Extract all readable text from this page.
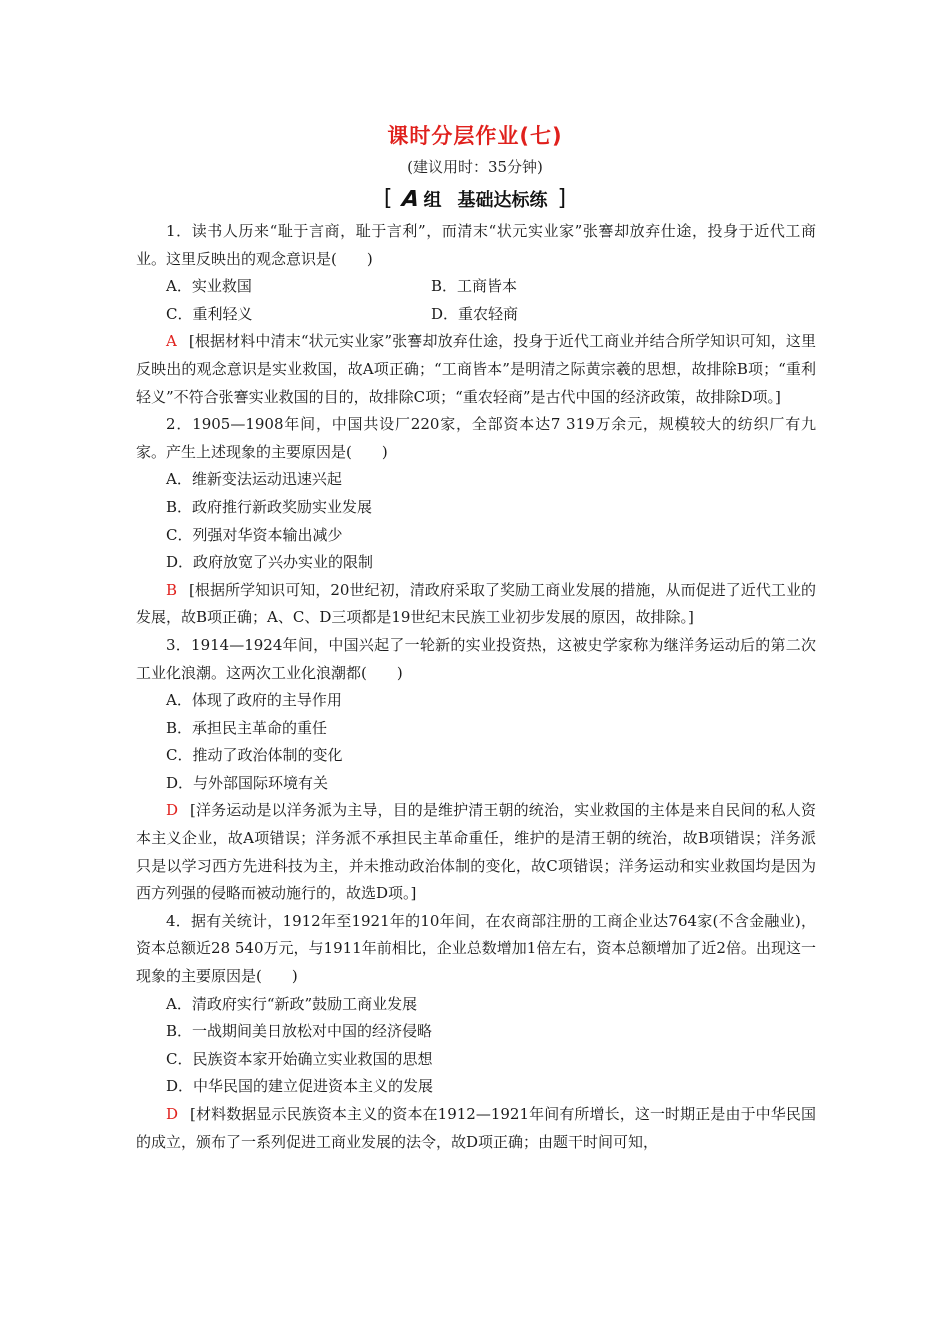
课时分层作业(七)
(建议用时：35分钟)
[ A 组 基础达标练 ]

1．读书人历来“耻于言商，耻于言利”，而清末“状元实业家”张謇却放弃仕途，投身于近代工商业。这里反映出的观念意识是(　　)

A．实业救国	B．工商皆本
C．重利轻义	D．重农轻商

A [根据材料中清末“状元实业家”张謇却放弃仕途，投身于近代工商业并结合所学知识可知，这里反映出的观念意识是实业救国，故A项正确；“工商皆本”是明清之际黄宗羲的思想，故排除B项；“重利轻义”不符合张謇实业救国的目的，故排除C项；“重农轻商”是古代中国的经济政策，故排除D项。]

2．1905—1908年间，中国共设厂220家，全部资本达7 319万余元，规模较大的纺织厂有九家。产生上述现象的主要原因是(　　)

A．维新变法运动迅速兴起

B．政府推行新政奖励实业发展

C．列强对华资本输出减少

D．政府放宽了兴办实业的限制

B [根据所学知识可知，20世纪初，清政府采取了奖励工商业发展的措施，从而促进了近代工业的发展，故B项正确；A、C、D三项都是19世纪末民族工业初步发展的原因，故排除。]

3．1914—1924年间，中国兴起了一轮新的实业投资热，这被史学家称为继洋务运动后的第二次工业化浪潮。这两次工业化浪潮都(　　)

A．体现了政府的主导作用

B．承担民主革命的重任

C．推动了政治体制的变化

D．与外部国际环境有关

D [洋务运动是以洋务派为主导，目的是维护清王朝的统治，实业救国的主体是来自民间的私人资本主义企业，故A项错误；洋务派不承担民主革命重任，维护的是清王朝的统治，故B项错误；洋务派只是以学习西方先进科技为主，并未推动政治体制的变化，故C项错误；洋务运动和实业救国均是因为西方列强的侵略而被动施行的，故选D项。]

4．据有关统计，1912年至1921年的10年间，在农商部注册的工商企业达764家(不含金融业)，资本总额近28 540万元，与1911年前相比，企业总数增加1倍左右，资本总额增加了近2倍。出现这一现象的主要原因是(　　)

A．清政府实行“新政”鼓励工商业发展

B．一战期间美日放松对中国的经济侵略

C．民族资本家开始确立实业救国的思想

D．中华民国的建立促进资本主义的发展

D [材料数据显示民族资本主义的资本在1912—1921年间有所增长，这一时期正是由于中华民国的成立，颁布了一系列促进工商业发展的法令，故D项正确；由题干时间可知，
